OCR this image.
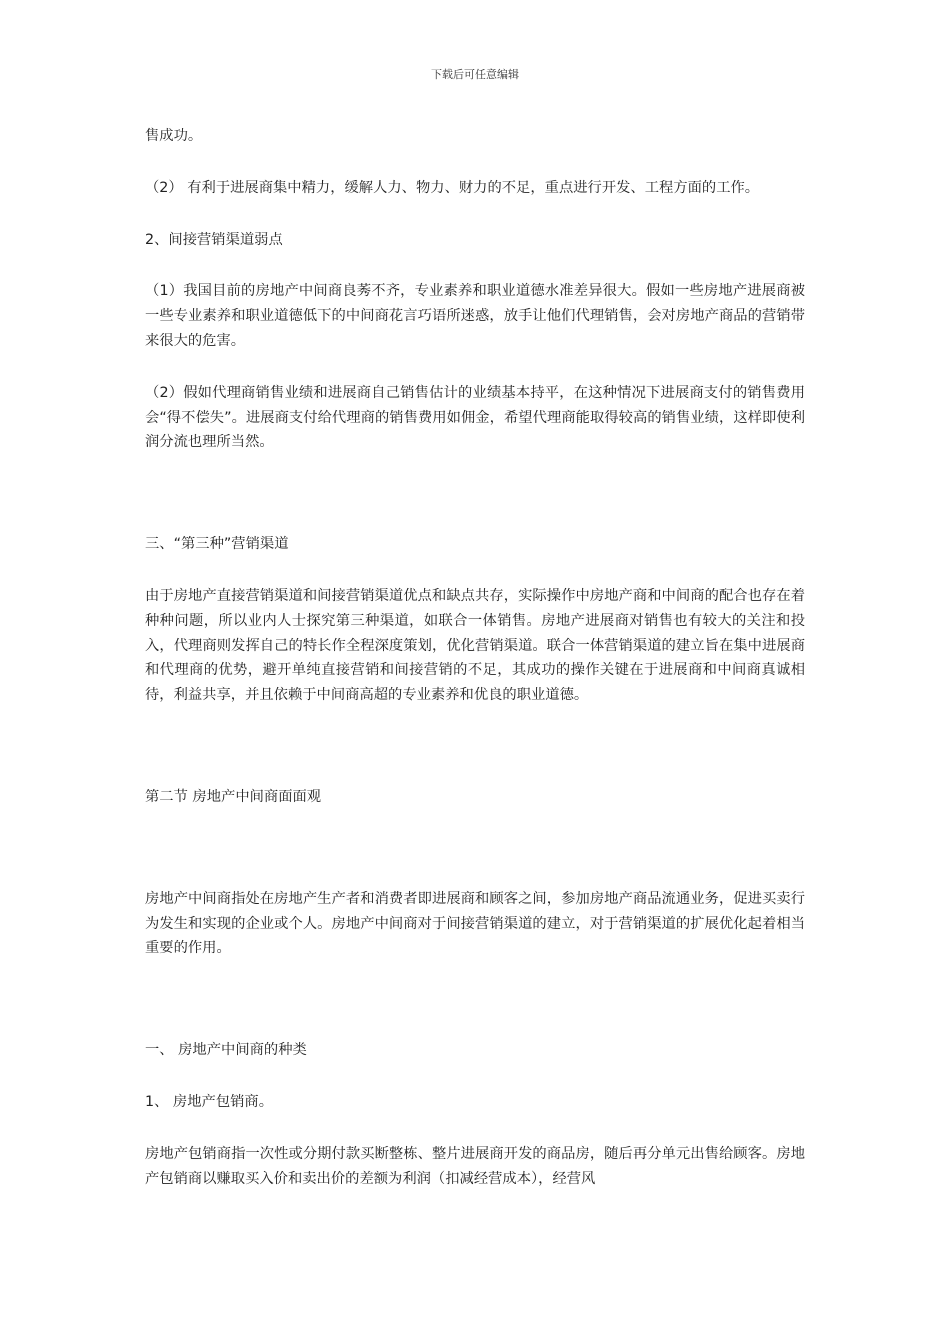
下载后可任意编辑

售成功。

（2） 有利于进展商集中精力，缓解人力、物力、财力的不足，重点进行开发、工程方面的工作。

2、间接营销渠道弱点

（1）我国目前的房地产中间商良莠不齐，专业素养和职业道德水准差异很大。假如一些房地产进展商被一些专业素养和职业道德低下的中间商花言巧语所迷惑，放手让他们代理销售，会对房地产商品的营销带来很大的危害。

（2）假如代理商销售业绩和进展商自己销售估计的业绩基本持平，在这种情况下进展商支付的销售费用会“得不偿失”。进展商支付给代理商的销售费用如佣金，希望代理商能取得较高的销售业绩，这样即使利润分流也理所当然。

三、“第三种”营销渠道

由于房地产直接营销渠道和间接营销渠道优点和缺点共存，实际操作中房地产商和中间商的配合也存在着种种问题，所以业内人士探究第三种渠道，如联合一体销售。房地产进展商对销售也有较大的关注和投入，代理商则发挥自己的特长作全程深度策划，优化营销渠道。联合一体营销渠道的建立旨在集中进展商和代理商的优势，避开单纯直接营销和间接营销的不足，其成功的操作关键在于进展商和中间商真诚相待，利益共享，并且依赖于中间商高超的专业素养和优良的职业道德。

第二节 房地产中间商面面观

房地产中间商指处在房地产生产者和消费者即进展商和顾客之间，参加房地产商品流通业务，促进买卖行为发生和实现的企业或个人。房地产中间商对于间接营销渠道的建立，对于营销渠道的扩展优化起着相当重要的作用。

一、 房地产中间商的种类

1、 房地产包销商。

房地产包销商指一次性或分期付款买断整栋、整片进展商开发的商品房，随后再分单元出售给顾客。房地产包销商以赚取买入价和卖出价的差额为利润（扣减经营成本），经营风
